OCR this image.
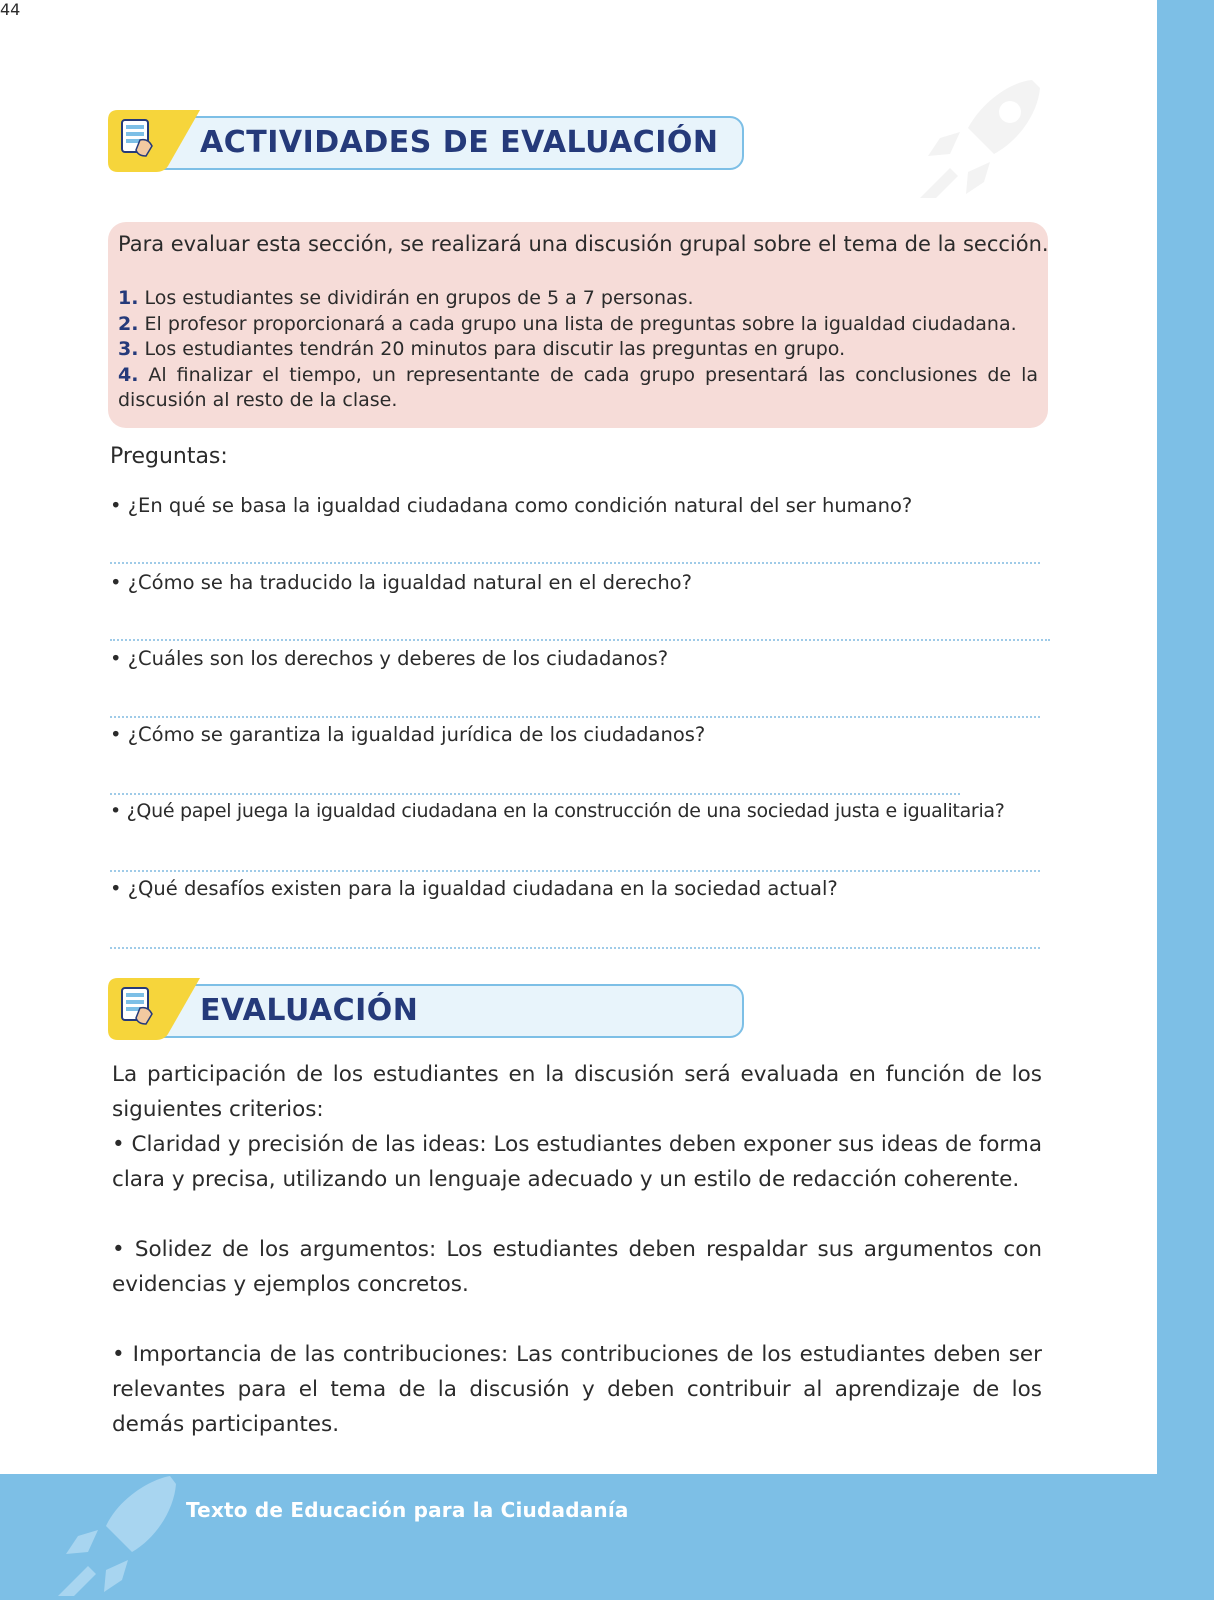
ACTIVIDADES DE EVALUACIÓN
Para evaluar esta sección, se realizará una discusión grupal sobre el tema de la sección.
1. Los estudiantes se dividirán en grupos de 5 a 7 personas.
2. El profesor proporcionará a cada grupo una lista de preguntas sobre la igualdad ciudadana.
3. Los estudiantes tendrán 20 minutos para discutir las preguntas en grupo.
4. Al finalizar el tiempo, un representante de cada grupo presentará las conclusiones de la discusión al resto de la clase.
Preguntas:
• ¿En qué se basa la igualdad ciudadana como condición natural del ser humano?
• ¿Cómo se ha traducido la igualdad natural en el derecho?
• ¿Cuáles son los derechos y deberes de los ciudadanos?
• ¿Cómo se garantiza la igualdad jurídica de los ciudadanos?
• ¿Qué papel juega la igualdad ciudadana en la construcción de una sociedad justa e igualitaria?
• ¿Qué desafíos existen para la igualdad ciudadana en la sociedad actual?
EVALUACIÓN

La participación de los estudiantes en la discusión será evaluada en función de los siguientes criterios:

• Claridad y precisión de las ideas: Los estudiantes deben exponer sus ideas de forma clara y precisa, utilizando un lenguaje adecuado y un estilo de redacción coherente.

• Solidez de los argumentos: Los estudiantes deben respaldar sus argumentos con evidencias y ejemplos concretos.

• Importancia de las contribuciones: Las contribuciones de los estudiantes deben ser relevantes para el tema de la discusión y deben contribuir al aprendizaje de los demás participantes.

44
Texto de Educación para la Ciudadanía
